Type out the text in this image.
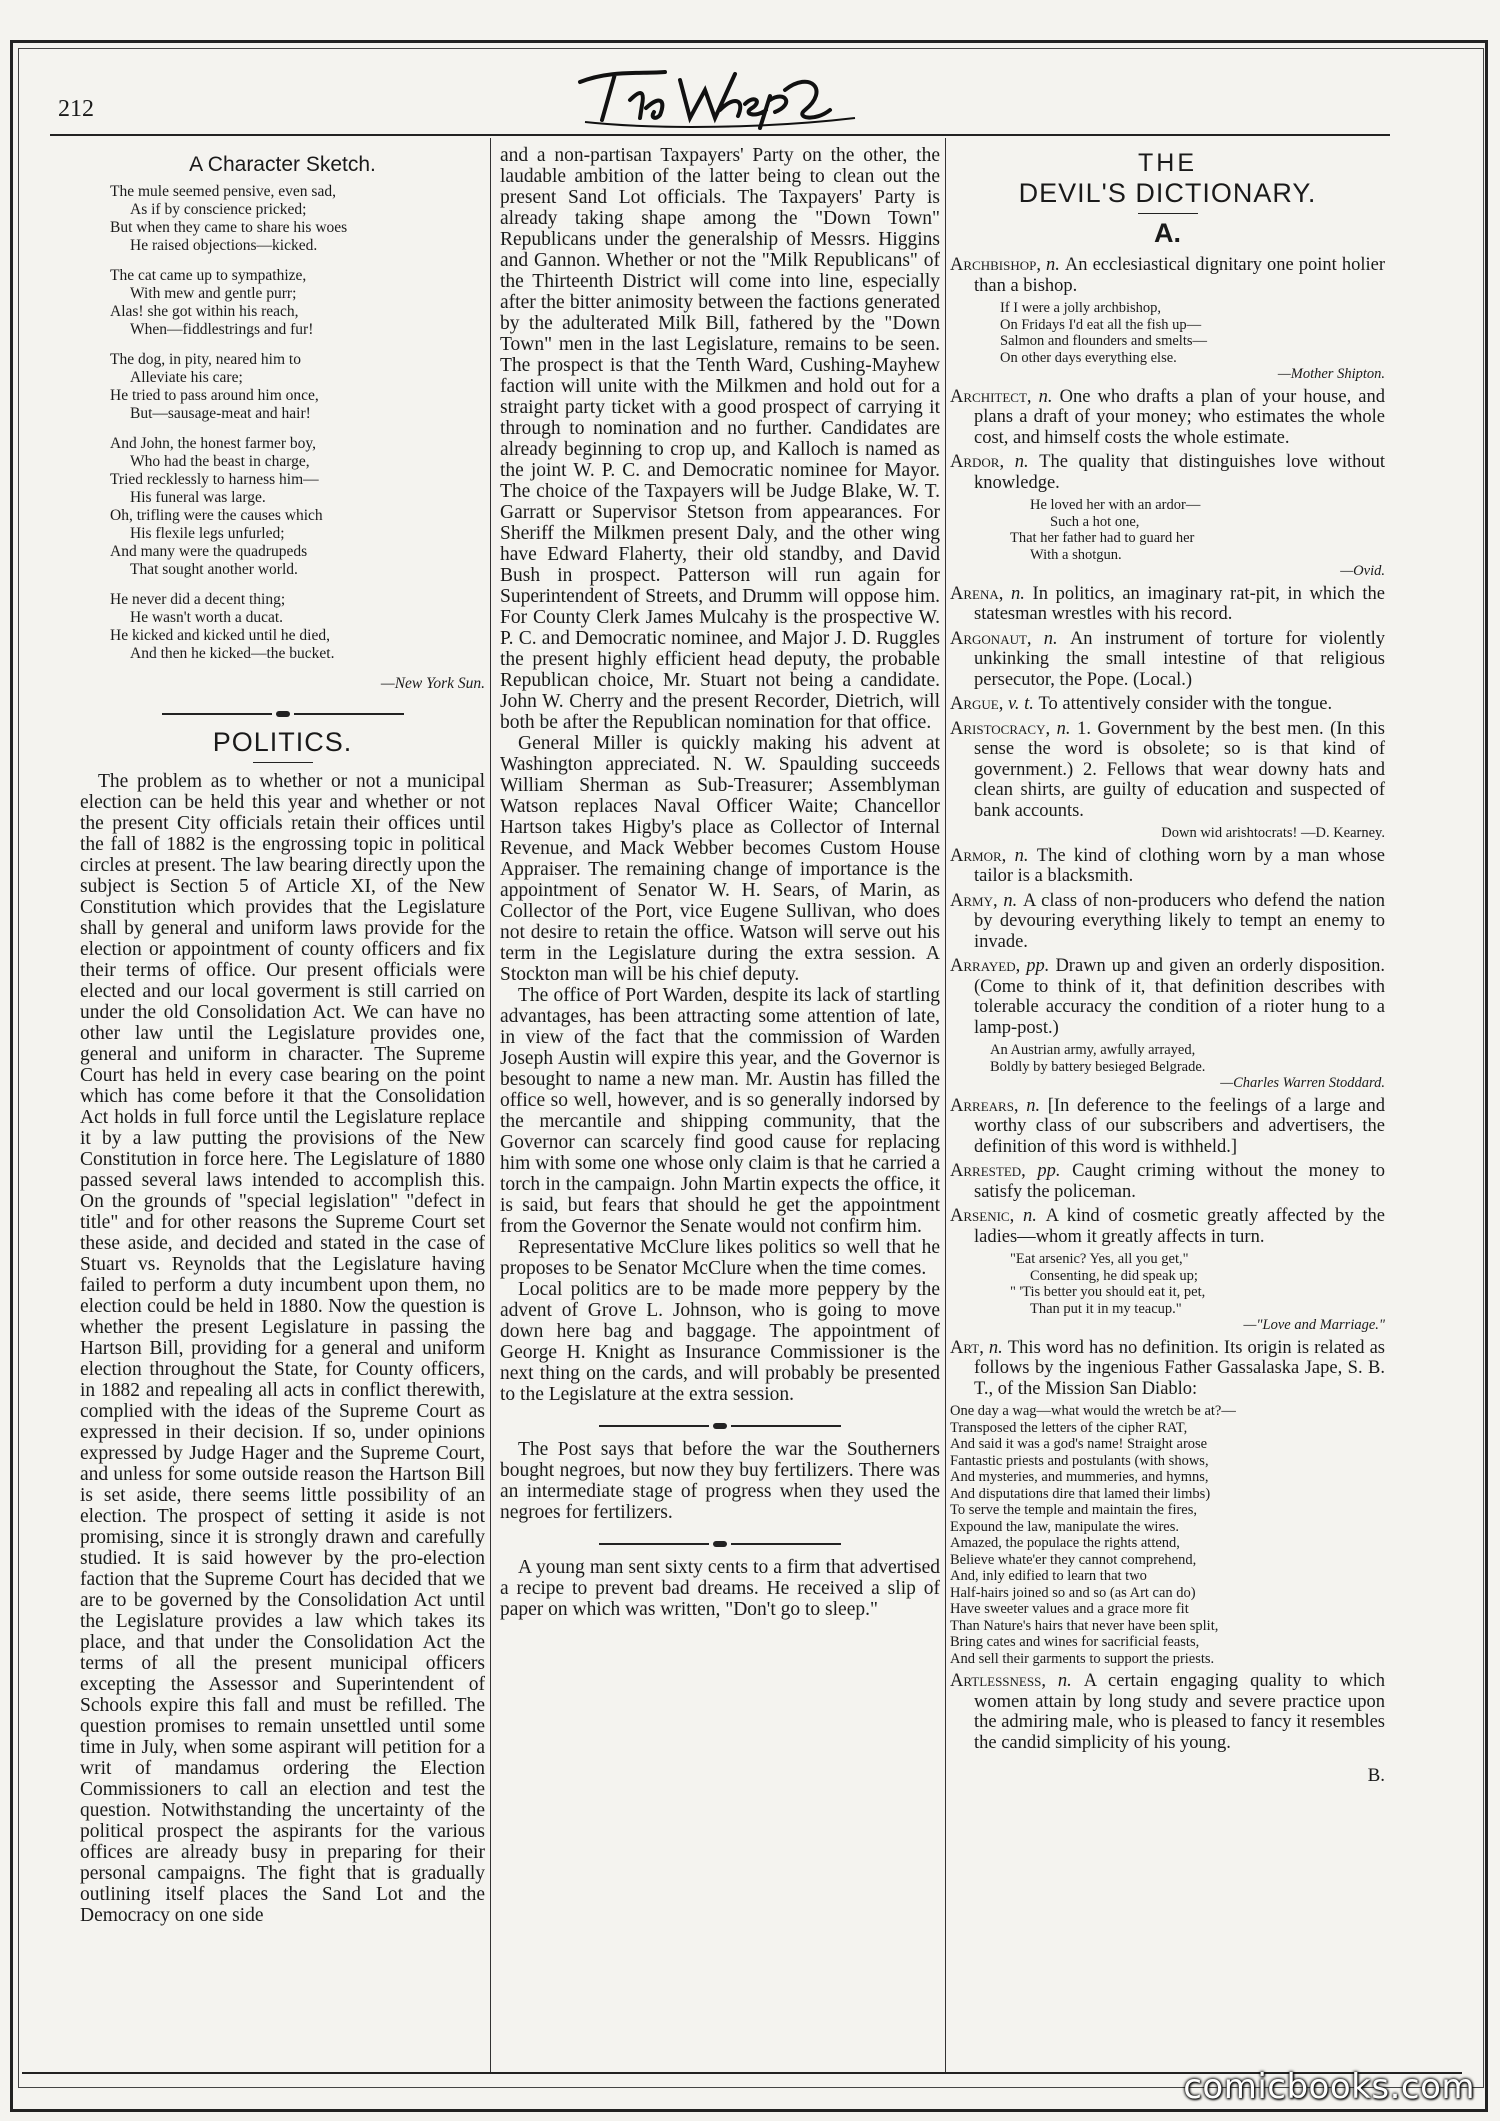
212
A Character Sketch.
The mule seemed pensive, even sad,
As if by conscience pricked;
But when they came to share his woes
He raised objections—kicked.
The cat came up to sympathize,
With mew and gentle purr;
Alas! she got within his reach,
When—fiddlestrings and fur!
The dog, in pity, neared him to
Alleviate his care;
He tried to pass around him once,
But—sausage-meat and hair!
And John, the honest farmer boy,
Who had the beast in charge,
Tried recklessly to harness him—
His funeral was large.
Oh, trifling were the causes which
His flexile legs unfurled;
And many were the quadrupeds
That sought another world.
He never did a decent thing;
He wasn't worth a ducat.
He kicked and kicked until he died,
And then he kicked—the bucket.
—New York Sun.
POLITICS.

The problem as to whether or not a municipal election can be held this year and whether or not the present City officials retain their offices until the fall of 1882 is the engrossing topic in political circles at present. The law bearing directly upon the subject is Section 5 of Article XI, of the New Constitution which provides that the Legislature shall by general and uniform laws provide for the election or appointment of county officers and fix their terms of office. Our present officials were elected and our local goverment is still carried on under the old Consolidation Act. We can have no other law until the Legislature provides one, general and uniform in character. The Supreme Court has held in every case bearing on the point which has come before it that the Consolidation Act holds in full force until the Legislature replace it by a law putting the provisions of the New Constitution in force here. The Legislature of 1880 passed several laws intended to accomplish this. On the grounds of "special legislation" "defect in title" and for other reasons the Supreme Court set these aside, and decided and stated in the case of Stuart vs. Reynolds that the Legislature having failed to perform a duty incumbent upon them, no election could be held in 1880. Now the question is whether the present Legislature in passing the Hartson Bill, providing for a general and uniform election throughout the State, for County officers, in 1882 and repealing all acts in conflict therewith, complied with the ideas of the Supreme Court as expressed in their decision. If so, under opinions expressed by Judge Hager and the Supreme Court, and unless for some outside reason the Hartson Bill is set aside, there seems little possibility of an election. The prospect of setting it aside is not promising, since it is strongly drawn and carefully studied. It is said however by the pro-election faction that the Supreme Court has decided that we are to be governed by the Consolidation Act until the Legislature provides a law which takes its place, and that under the Consolidation Act the terms of all the present municipal officers excepting the Assessor and Superintendent of Schools expire this fall and must be refilled. The question promises to remain unsettled until some time in July, when some aspirant will petition for a writ of mandamus ordering the Election Commissioners to call an election and test the question. Notwithstanding the uncertainty of the political prospect the aspirants for the various offices are already busy in preparing for their personal campaigns. The fight that is gradually outlining itself places the Sand Lot and the Democracy on one side

and a non-partisan Taxpayers' Party on the other, the laudable ambition of the latter being to clean out the present Sand Lot officials. The Taxpayers' Party is already taking shape among the "Down Town" Republicans under the generalship of Messrs. Higgins and Gannon. Whether or not the "Milk Republicans" of the Thirteenth District will come into line, especially after the bitter animosity between the factions generated by the adulterated Milk Bill, fathered by the "Down Town" men in the last Legislature, remains to be seen. The prospect is that the Tenth Ward, Cushing-Mayhew faction will unite with the Milkmen and hold out for a straight party ticket with a good prospect of carrying it through to nomination and no further. Candidates are already beginning to crop up, and Kalloch is named as the joint W. P. C. and Democratic nominee for Mayor. The choice of the Taxpayers will be Judge Blake, W. T. Garratt or Supervisor Stetson from appearances. For Sheriff the Milkmen present Daly, and the other wing have Edward Flaherty, their old standby, and David Bush in prospect. Patterson will run again for Superintendent of Streets, and Drumm will oppose him. For County Clerk James Mulcahy is the prospective W. P. C. and Democratic nominee, and Major J. D. Ruggles the present highly efficient head deputy, the probable Republican choice, Mr. Stuart not being a candidate. John W. Cherry and the present Recorder, Dietrich, will both be after the Republican nomination for that office.

General Miller is quickly making his advent at Washington appreciated. N. W. Spaulding succeeds William Sherman as Sub-Treasurer; Assemblyman Watson replaces Naval Officer Waite; Chancellor Hartson takes Higby's place as Collector of Internal Revenue, and Mack Webber becomes Custom House Appraiser. The remaining change of importance is the appointment of Senator W. H. Sears, of Marin, as Collector of the Port, vice Eugene Sullivan, who does not desire to retain the office. Watson will serve out his term in the Legislature during the extra session. A Stockton man will be his chief deputy.

The office of Port Warden, despite its lack of startling advantages, has been attracting some attention of late, in view of the fact that the commission of Warden Joseph Austin will expire this year, and the Governor is besought to name a new man. Mr. Austin has filled the office so well, however, and is so generally indorsed by the mercantile and shipping community, that the Governor can scarcely find good cause for replacing him with some one whose only claim is that he carried a torch in the campaign. John Martin expects the office, it is said, but fears that should he get the appointment from the Governor the Senate would not confirm him.

Representative McClure likes politics so well that he proposes to be Senator McClure when the time comes.

Local politics are to be made more peppery by the advent of Grove L. Johnson, who is going to move down here bag and baggage. The appointment of George H. Knight as Insurance Commissioner is the next thing on the cards, and will probably be presented to the Legislature at the extra session.

The Post says that before the war the Southerners bought negroes, but now they buy fertilizers. There was an intermediate stage of progress when they used the negroes for fertilizers.

A young man sent sixty cents to a firm that advertised a recipe to prevent bad dreams. He received a slip of paper on which was written, "Don't go to sleep."

THE
DEVIL'S DICTIONARY.
A.

Archbishop, n. An ecclesiastical dignitary one point holier than a bishop.

If I were a jolly archbishop,
On Fridays I'd eat all the fish up—
Salmon and flounders and smelts—
On other days everything else.
—Mother Shipton.

Architect, n. One who drafts a plan of your house, and plans a draft of your money; who estimates the whole cost, and himself costs the whole estimate.

Ardor, n. The quality that distinguishes love without knowledge.

He loved her with an ardor—
Such a hot one,
That her father had to guard her
With a shotgun.
—Ovid.

Arena, n. In politics, an imaginary rat-pit, in which the statesman wrestles with his record.

Argonaut, n. An instrument of torture for violently unkinking the small intestine of that religious persecutor, the Pope. (Local.)

Argue, v. t. To attentively consider with the tongue.

Aristocracy, n. 1. Government by the best men. (In this sense the word is obsolete; so is that kind of government.) 2. Fellows that wear downy hats and clean shirts, are guilty of education and suspected of bank accounts.

Down wid arishtocrats! —D. Kearney.

Armor, n. The kind of clothing worn by a man whose tailor is a blacksmith.

Army, n. A class of non-producers who defend the nation by devouring everything likely to tempt an enemy to invade.

Arrayed, pp. Drawn up and given an orderly disposition. (Come to think of it, that definition describes with tolerable accuracy the condition of a rioter hung to a lamp-post.)

An Austrian army, awfully arrayed,
Boldly by battery besieged Belgrade.
—Charles Warren Stoddard.

Arrears, n. [In deference to the feelings of a large and worthy class of our subscribers and advertisers, the definition of this word is withheld.]

Arrested, pp. Caught criming without the money to satisfy the policeman.

Arsenic, n. A kind of cosmetic greatly affected by the ladies—whom it greatly affects in turn.

"Eat arsenic? Yes, all you get,"
Consenting, he did speak up;
" 'Tis better you should eat it, pet,
Than put it in my teacup."
—"Love and Marriage."

Art, n. This word has no definition. Its origin is related as follows by the ingenious Father Gassalaska Jape, S. B. T., of the Mission San Diablo:

One day a wag—what would the wretch be at?—
Transposed the letters of the cipher RAT,
And said it was a god's name! Straight arose
Fantastic priests and postulants (with shows,
And mysteries, and mummeries, and hymns,
And disputations dire that lamed their limbs)
To serve the temple and maintain the fires,
Expound the law, manipulate the wires.
Amazed, the populace the rights attend,
Believe whate'er they cannot comprehend,
And, inly edified to learn that two
Half-hairs joined so and so (as Art can do)
Have sweeter values and a grace more fit
Than Nature's hairs that never have been split,
Bring cates and wines for sacrificial feasts,
And sell their garments to support the priests.

Artlessness, n. A certain engaging quality to which women attain by long study and severe practice upon the admiring male, who is pleased to fancy it resembles the candid simplicity of his young.

B.
comicbooks.com
